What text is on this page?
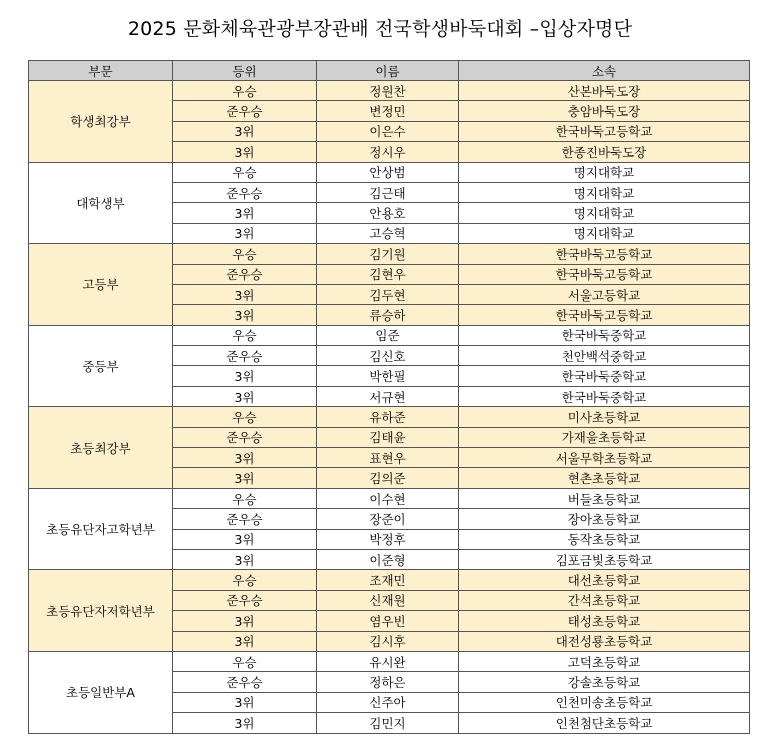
2025 문화체육관광부장관배 전국학생바둑대회 –입상자명단
부문	등위	이름	소속
학생최강부	우승	정원찬	산본바둑도장
	준우승	변정민	충암바둑도장
	3위	이은수	한국바둑고등학교
	3위	정시우	한종진바둑도장
대학생부	우승	안상범	명지대학교
	준우승	김근태	명지대학교
	3위	안용호	명지대학교
	3위	고승혁	명지대학교
고등부	우승	김기원	한국바둑고등학교
	준우승	김현우	한국바둑고등학교
	3위	김두현	서울고등학교
	3위	류승하	한국바둑고등학교
중등부	우승	임준	한국바둑중학교
	준우승	김신호	천안백석중학교
	3위	박한필	한국바둑중학교
	3위	서규현	한국바둑중학교
초등최강부	우승	유하준	미사초등학교
	준우승	김태윤	가재울초등학교
	3위	표현우	서울무학초등학교
	3위	김의준	현촌초등학교
초등유단자고학년부	우승	이수현	버들초등학교
	준우승	장준이	장아초등학교
	3위	박정후	동작초등학교
	3위	이준형	김포금빛초등학교
초등유단자저학년부	우승	조재민	대선초등학교
	준우승	신재원	간석초등학교
	3위	염우빈	태성초등학교
	3위	김시후	대전성룡초등학교
초등일반부A	우승	유시완	고덕초등학교
	준우승	정하은	강솔초등학교
	3위	신주아	인천미송초등학교
	3위	김민지	인천첨단초등학교
